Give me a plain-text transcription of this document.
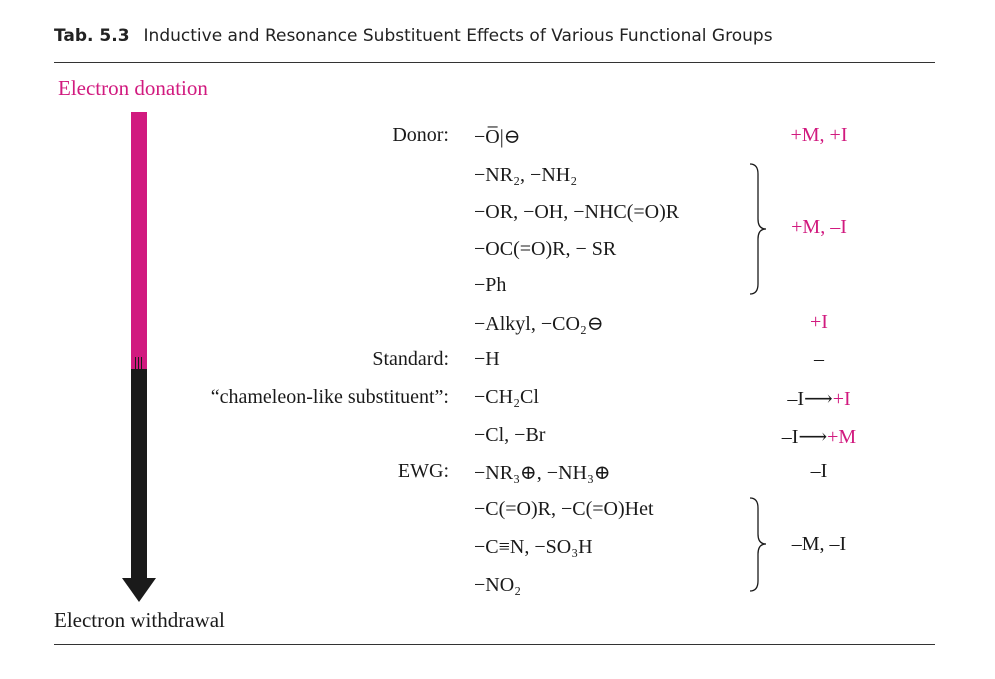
Tab. 5.3 Inductive and Resonance Substituent Effects of Various Functional Groups
Electron donation
Electron withdrawal
Donor:
Standard:
“chameleon-like substituent”:
EWG:
−O̅|⊖
−NR₂, −NH₂
−OR, −OH, −NHC(=O)R
−OC(=O)R, − SR
−Ph
−Alkyl, −CO₂⊖
−H
−CH₂Cl
−Cl, −Br
−NR₃⊕, −NH₃⊕
−C(=O)R, −C(=O)Het
−C≡N, −SO₃H
−NO₂
+M, +I
+M, –I
+I
–
–I⟶+I
–I⟶+M
–I
–M, –I
